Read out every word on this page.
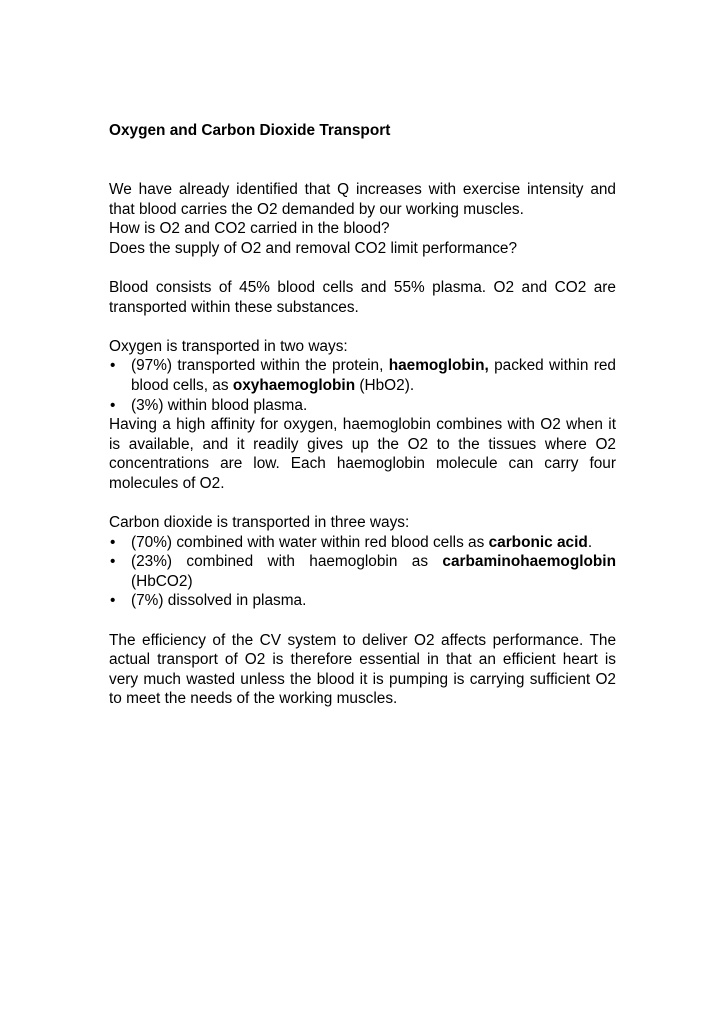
Oxygen and Carbon Dioxide Transport

We have already identified that Q increases with exercise intensity and that blood carries the O2 demanded by our working muscles.

How is O2 and CO2 carried in the blood?
Does the supply of O2 and removal CO2 limit performance?

Blood consists of 45% blood cells and 55% plasma. O2 and CO2 are transported within these substances.

Oxygen is transported in two ways:
• (97%) transported within the protein, haemoglobin, packed within red blood cells, as oxyhaemoglobin (HbO2).
• (3%) within blood plasma.

Having a high affinity for oxygen, haemoglobin combines with O2 when it is available, and it readily gives up the O2 to the tissues where O2 concentrations are low. Each haemoglobin molecule can carry four molecules of O2.

Carbon dioxide is transported in three ways:
• (70%) combined with water within red blood cells as carbonic acid.
• (23%) combined with haemoglobin as carbaminohaemoglobin (HbCO2)
• (7%) dissolved in plasma.

The efficiency of the CV system to deliver O2 affects performance. The actual transport of O2 is therefore essential in that an efficient heart is very much wasted unless the blood it is pumping is carrying sufficient O2 to meet the needs of the working muscles.
